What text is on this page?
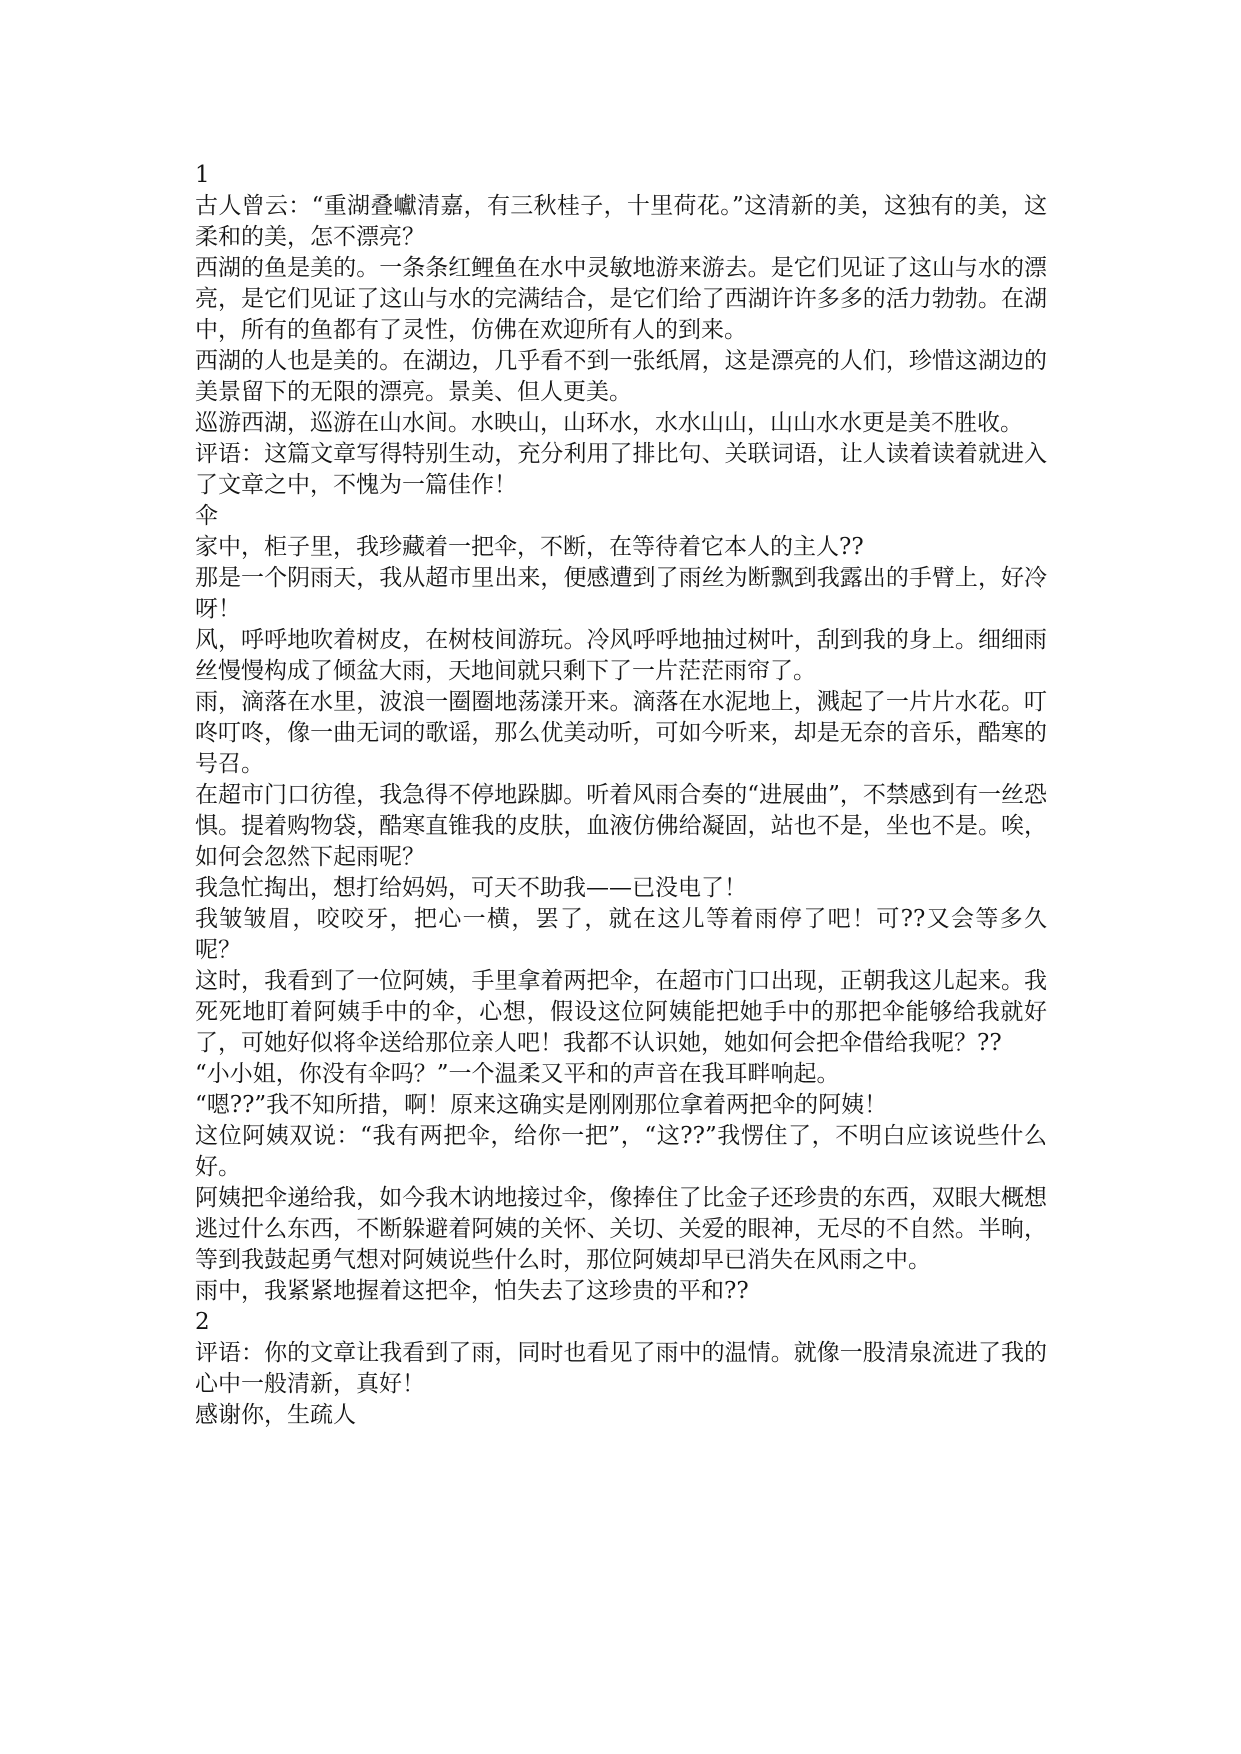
1

古人曾云：“重湖叠巘清嘉，有三秋桂子，十里荷花。”这清新的美，这独有的美，这柔和的美，怎不漂亮？

西湖的鱼是美的。一条条红鲤鱼在水中灵敏地游来游去。是它们见证了这山与水的漂亮，是它们见证了这山与水的完满结合，是它们给了西湖许许多多的活力勃勃。在湖中，所有的鱼都有了灵性，仿佛在欢迎所有人的到来。

西湖的人也是美的。在湖边，几乎看不到一张纸屑，这是漂亮的人们，珍惜这湖边的美景留下的无限的漂亮。景美、但人更美。

巡游西湖，巡游在山水间。水映山，山环水，水水山山，山山水水更是美不胜收。

评语：这篇文章写得特别生动，充分利用了排比句、关联词语，让人读着读着就进入了文章之中，不愧为一篇佳作！

伞

家中，柜子里，我珍藏着一把伞，不断，在等待着它本人的主人??

那是一个阴雨天，我从超市里出来，便感遭到了雨丝为断飘到我露出的手臂上，好冷呀！

风，呼呼地吹着树皮，在树枝间游玩。冷风呼呼地抽过树叶，刮到我的身上。细细雨丝慢慢构成了倾盆大雨，天地间就只剩下了一片茫茫雨帘了。

雨，滴落在水里，波浪一圈圈地荡漾开来。滴落在水泥地上，溅起了一片片水花。叮咚叮咚，像一曲无词的歌谣，那么优美动听，可如今听来，却是无奈的音乐，酷寒的号召。

在超市门口彷徨，我急得不停地跺脚。听着风雨合奏的“进展曲”，不禁感到有一丝恐惧。提着购物袋，酷寒直锥我的皮肤，血液仿佛给凝固，站也不是，坐也不是。唉，如何会忽然下起雨呢？

我急忙掏出，想打给妈妈，可天不助我——已没电了！

我皱皱眉，咬咬牙，把心一横，罢了，就在这儿等着雨停了吧！可??又会等多久呢？

这时，我看到了一位阿姨，手里拿着两把伞，在超市门口出现，正朝我这儿起来。我死死地盯着阿姨手中的伞，心想，假设这位阿姨能把她手中的那把伞能够给我就好了，可她好似将伞送给那位亲人吧！我都不认识她，她如何会把伞借给我呢？??

“小小姐，你没有伞吗？”一个温柔又平和的声音在我耳畔响起。

“嗯??”我不知所措，啊！原来这确实是刚刚那位拿着两把伞的阿姨！

这位阿姨双说：“我有两把伞，给你一把”，“这??”我愣住了，不明白应该说些什么好。

阿姨把伞递给我，如今我木讷地接过伞，像捧住了比金子还珍贵的东西，双眼大概想逃过什么东西，不断躲避着阿姨的关怀、关切、关爱的眼神，无尽的不自然。半晌，等到我鼓起勇气想对阿姨说些什么时，那位阿姨却早已消失在风雨之中。

雨中，我紧紧地握着这把伞，怕失去了这珍贵的平和??

2

评语：你的文章让我看到了雨，同时也看见了雨中的温情。就像一股清泉流进了我的心中一般清新，真好！

感谢你，生疏人
